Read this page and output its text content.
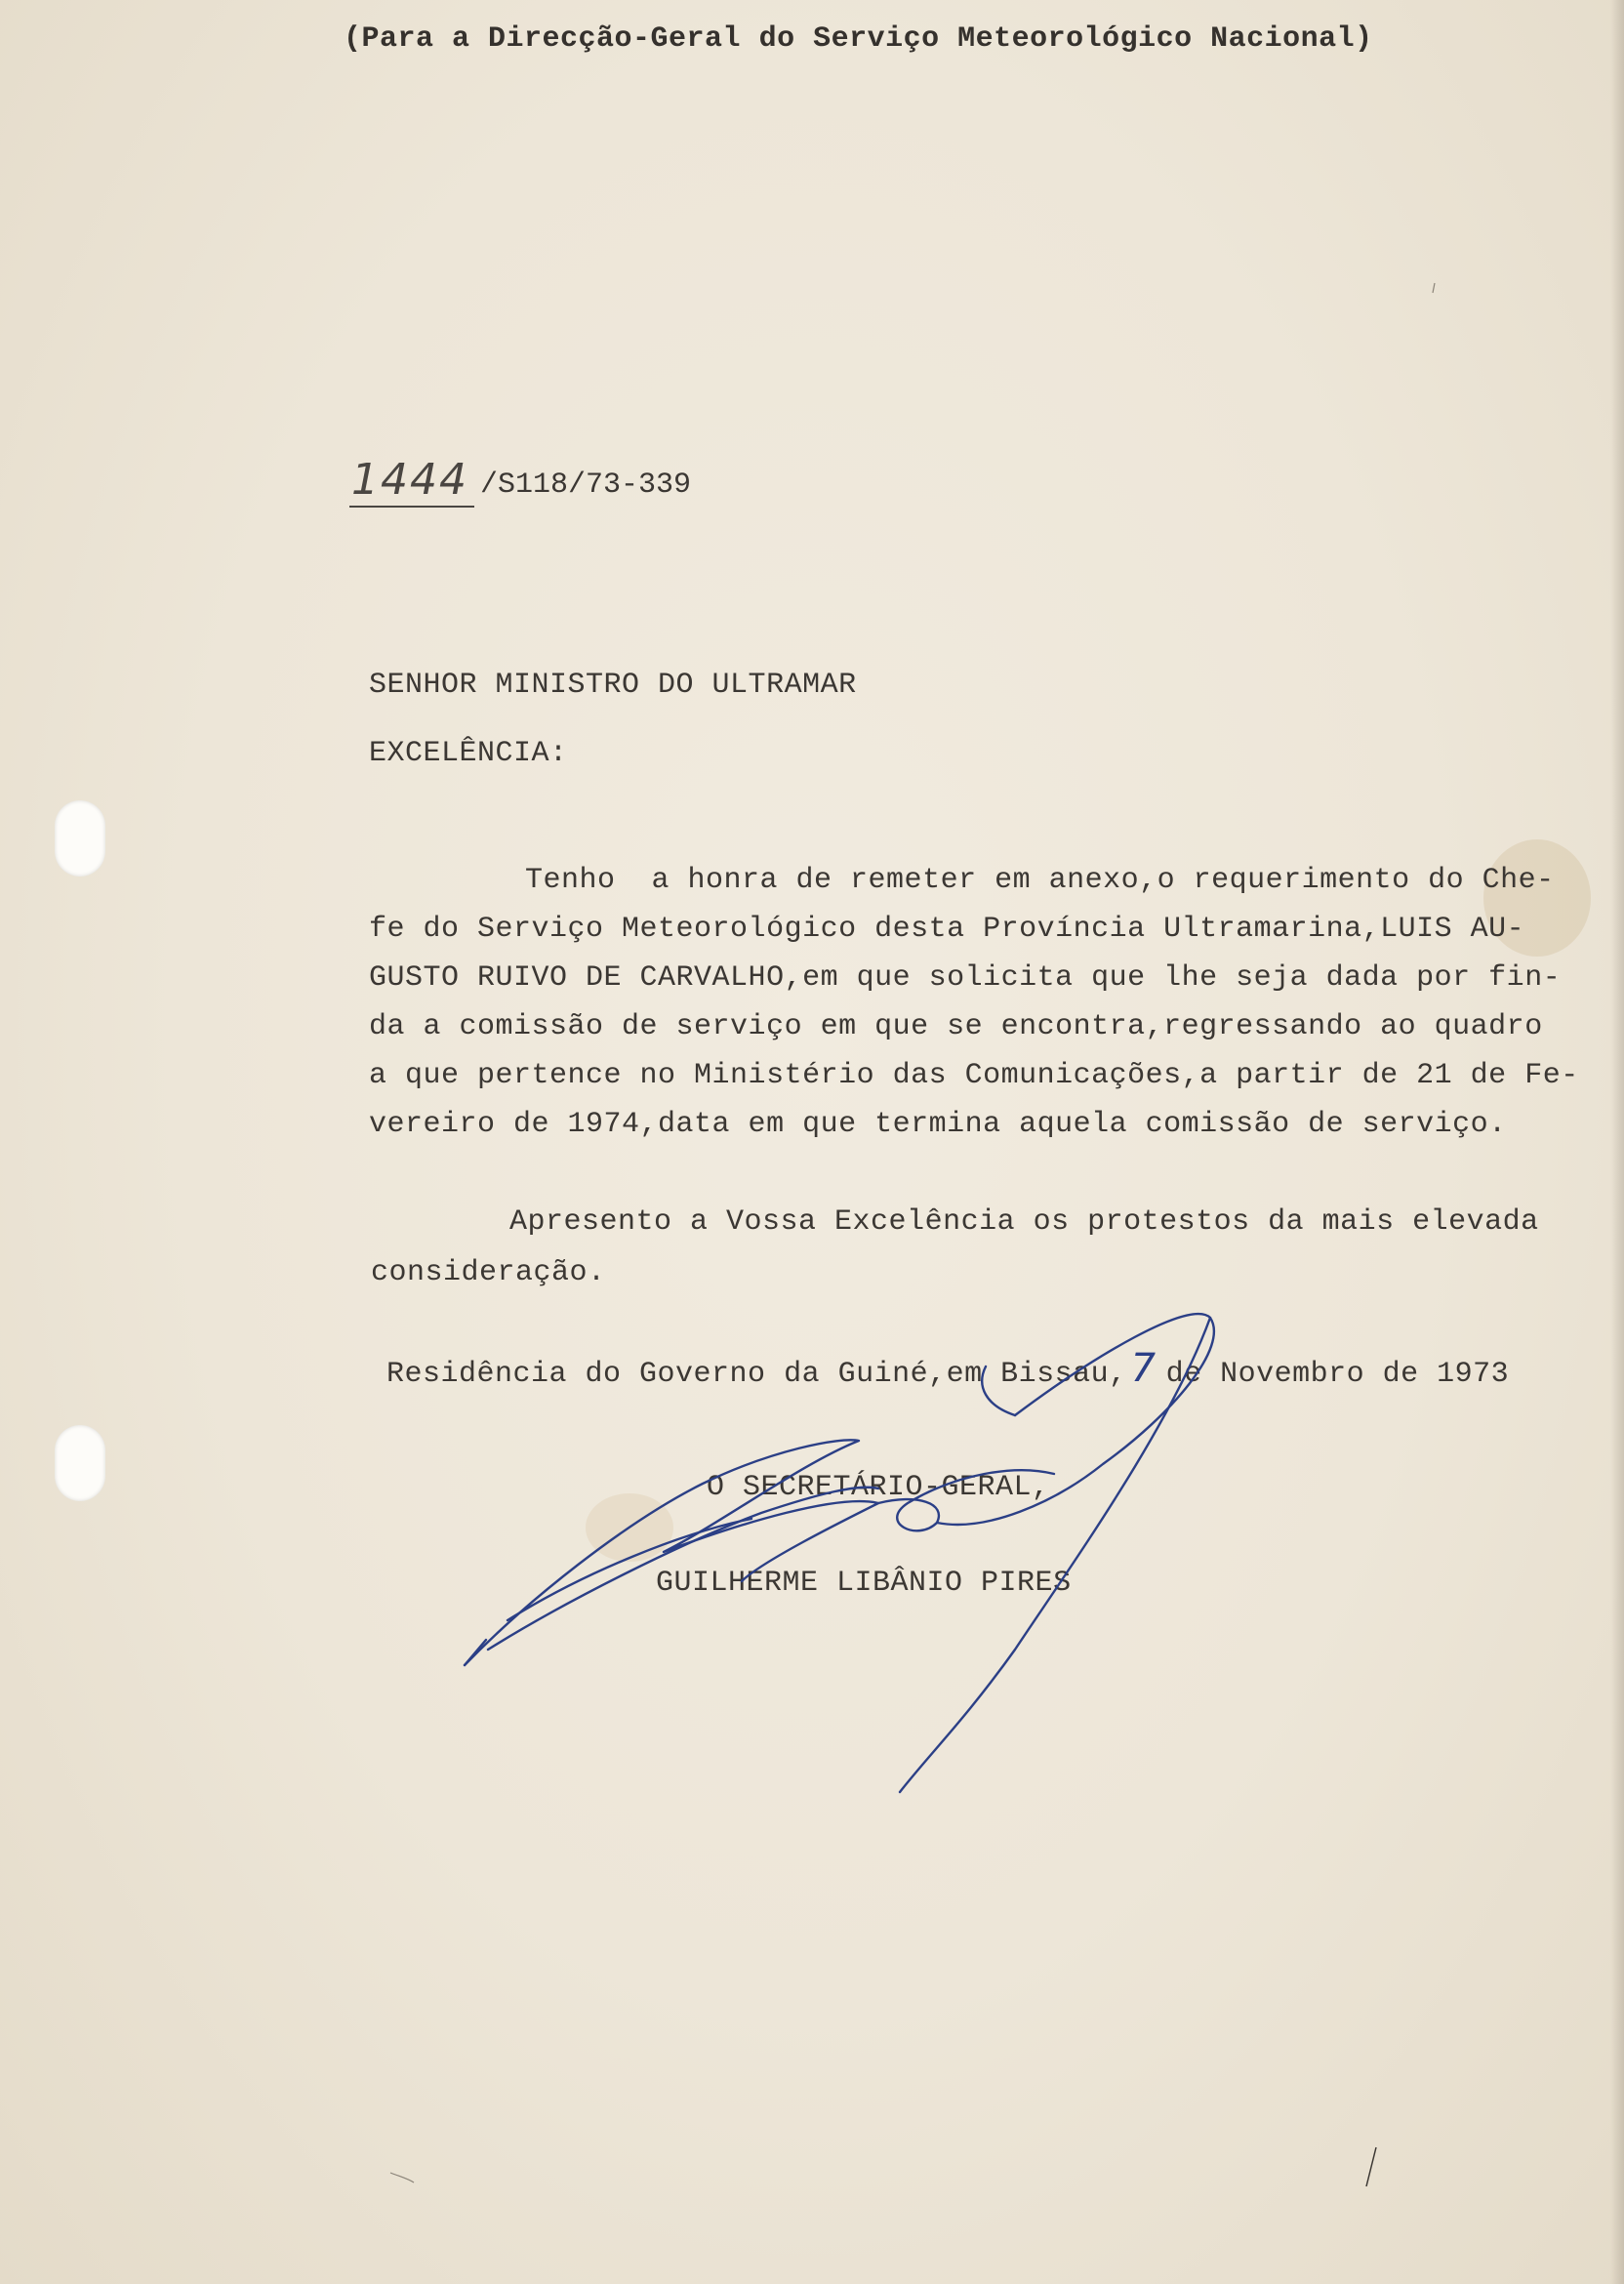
(Para a Direcção-Geral do Serviço Meteorológico Nacional)
1444 /S118/73-339
SENHOR MINISTRO DO ULTRAMAR
EXCELÊNCIA:
Tenho  a honra de remeter em anexo,o requerimento do Che-
fe do Serviço Meteorológico desta Província Ultramarina,LUIS AU-
GUSTO RUIVO DE CARVALHO,em que solicita que lhe seja dada por fin-
da a comissão de serviço em que se encontra,regressando ao quadro
a que pertence no Ministério das Comunicações,a partir de 21 de Fe-
vereiro de 1974,data em que termina aquela comissão de serviço.
Apresento a Vossa Excelência os protestos da mais elevada
consideração.
Residência do Governo da Guiné,em Bissau, 7 de Novembro de 1973
O SECRETÁRIO-GERAL,
GUILHERME LIBÂNIO PIRES
